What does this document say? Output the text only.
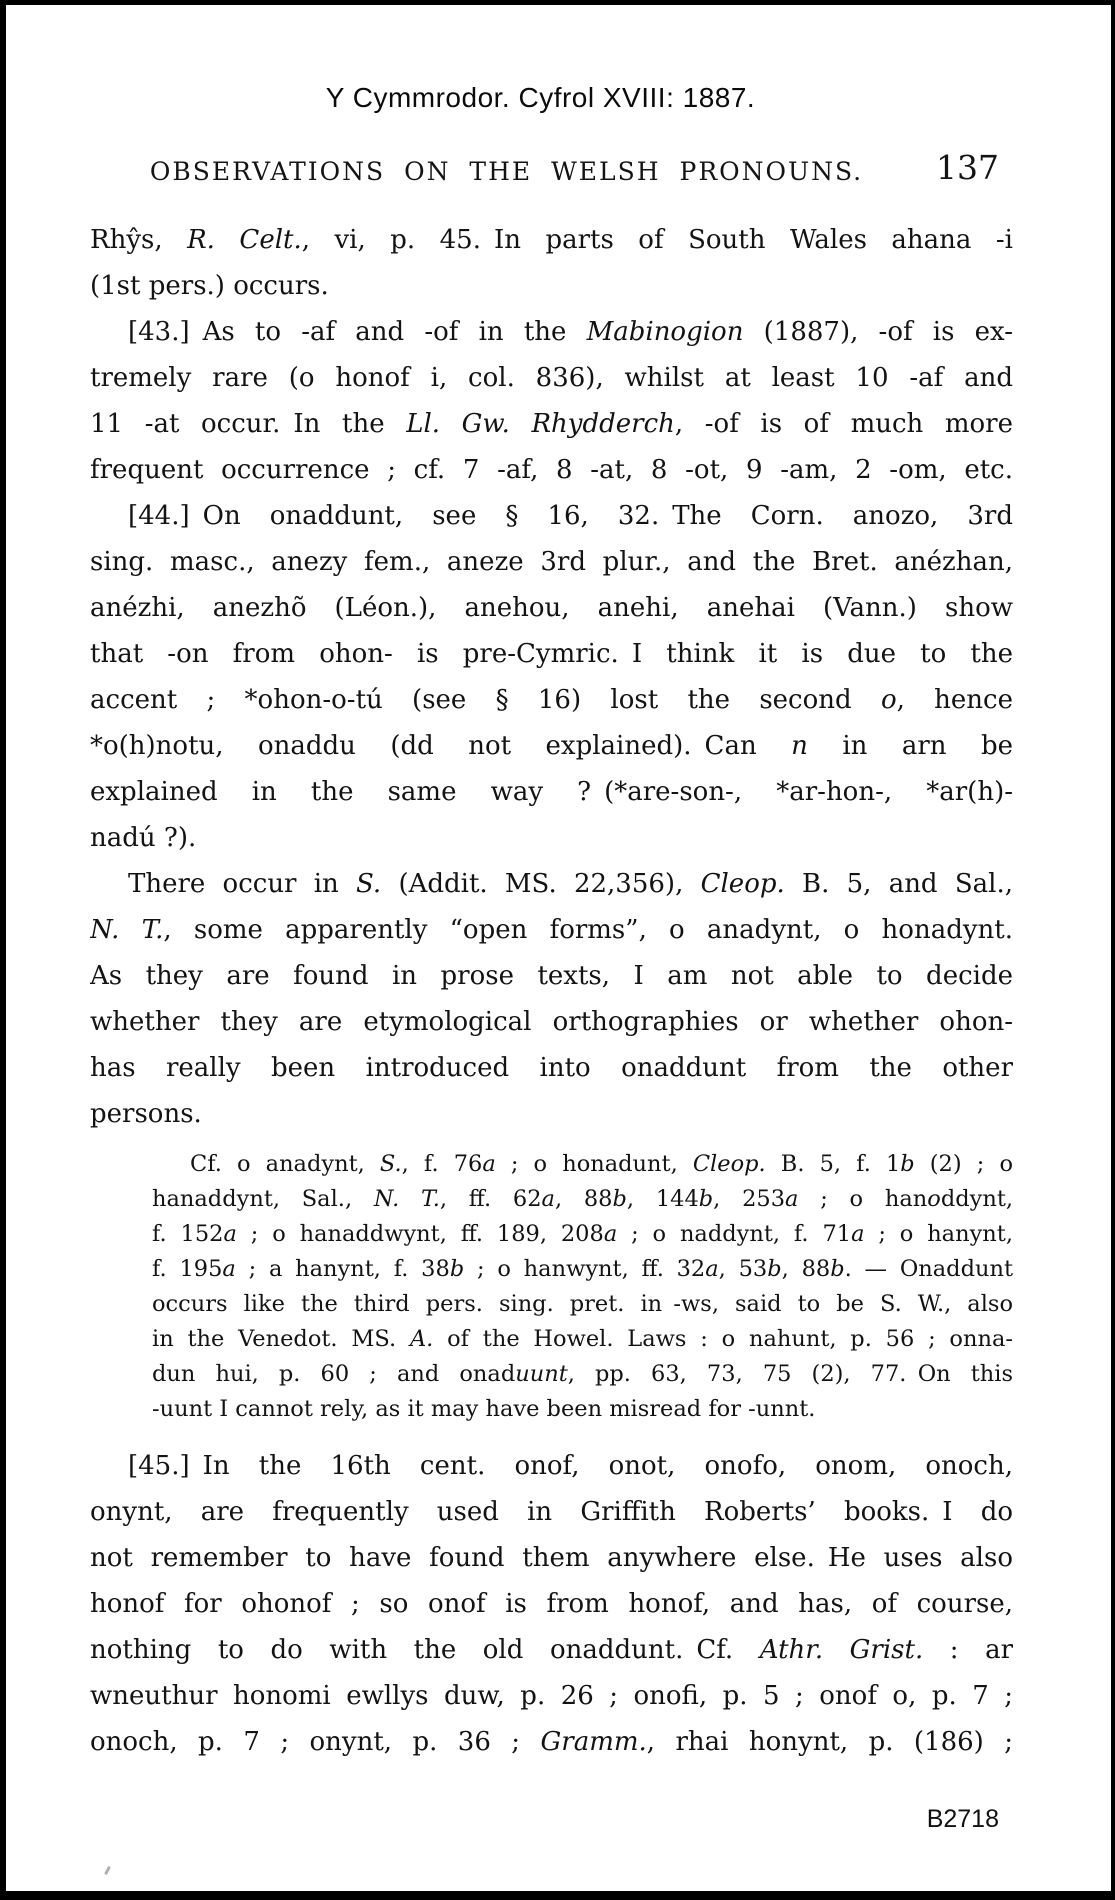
Y Cymmrodor. Cyfrol XVIII: 1887.
OBSERVATIONS ON THE WELSH PRONOUNS. 137
Rhŷs, R. Celt., vi, p. 45. In parts of South Wales ahana -i
(1st pers.) occurs.
[43.] As to -af and -of in the Mabinogion (1887), -of is ex-
tremely rare (o honof i, col. 836), whilst at least 10 -af and
11 -at occur. In the Ll. Gw. Rhydderch, -of is of much more
frequent occurrence ; cf. 7 -af, 8 -at, 8 -ot, 9 -am, 2 -om, etc.
[44.] On onaddunt, see § 16, 32. The Corn. anozo, 3rd
sing. masc., anezy fem., aneze 3rd plur., and the Bret. anézhan,
anézhi, anezhõ (Léon.), anehou, anehi, anehai (Vann.) show
that -on from ohon- is pre-Cymric. I think it is due to the
accent ; *ohon-o-tú (see § 16) lost the second o, hence
*o(h)notu, onaddu (dd not explained). Can n in arn be
explained in the same way ? (*are-son-, *ar-hon-, *ar(h)-
nadú ?).
There occur in S. (Addit. MS. 22,356), Cleop. B. 5, and Sal.,
N. T., some apparently “open forms”, o anadynt, o honadynt.
As they are found in prose texts, I am not able to decide
whether they are etymological orthographies or whether ohon-
has really been introduced into onaddunt from the other
persons.
Cf. o anadynt, S., f. 76a ; o honadunt, Cleop. B. 5, f. 1b (2) ; o
hanaddynt, Sal., N. T., ff. 62a, 88b, 144b, 253a ; o hanoddynt,
f. 152a ; o hanaddwynt, ff. 189, 208a ; o naddynt, f. 71a ; o hanynt,
f. 195a ; a hanynt, f. 38b ; o hanwynt, ff. 32a, 53b, 88b. — Onaddunt
occurs like the third pers. sing. pret. in -ws, said to be S. W., also
in the Venedot. MS. A. of the Howel. Laws : o nahunt, p. 56 ; onna-
dun hui, p. 60 ; and onaduunt, pp. 63, 73, 75 (2), 77. On this
-uunt I cannot rely, as it may have been misread for -unnt.
[45.] In the 16th cent. onof, onot, onofo, onom, onoch,
onynt, are frequently used in Griffith Roberts’ books. I do
not remember to have found them anywhere else. He uses also
honof for ohonof ; so onof is from honof, and has, of course,
nothing to do with the old onaddunt. Cf. Athr. Grist. : ar
wneuthur honomi ewllys duw, p. 26 ; onofi, p. 5 ; onof o, p. 7 ;
onoch, p. 7 ; onynt, p. 36 ; Gramm., rhai honynt, p. (186) ;
B2718
